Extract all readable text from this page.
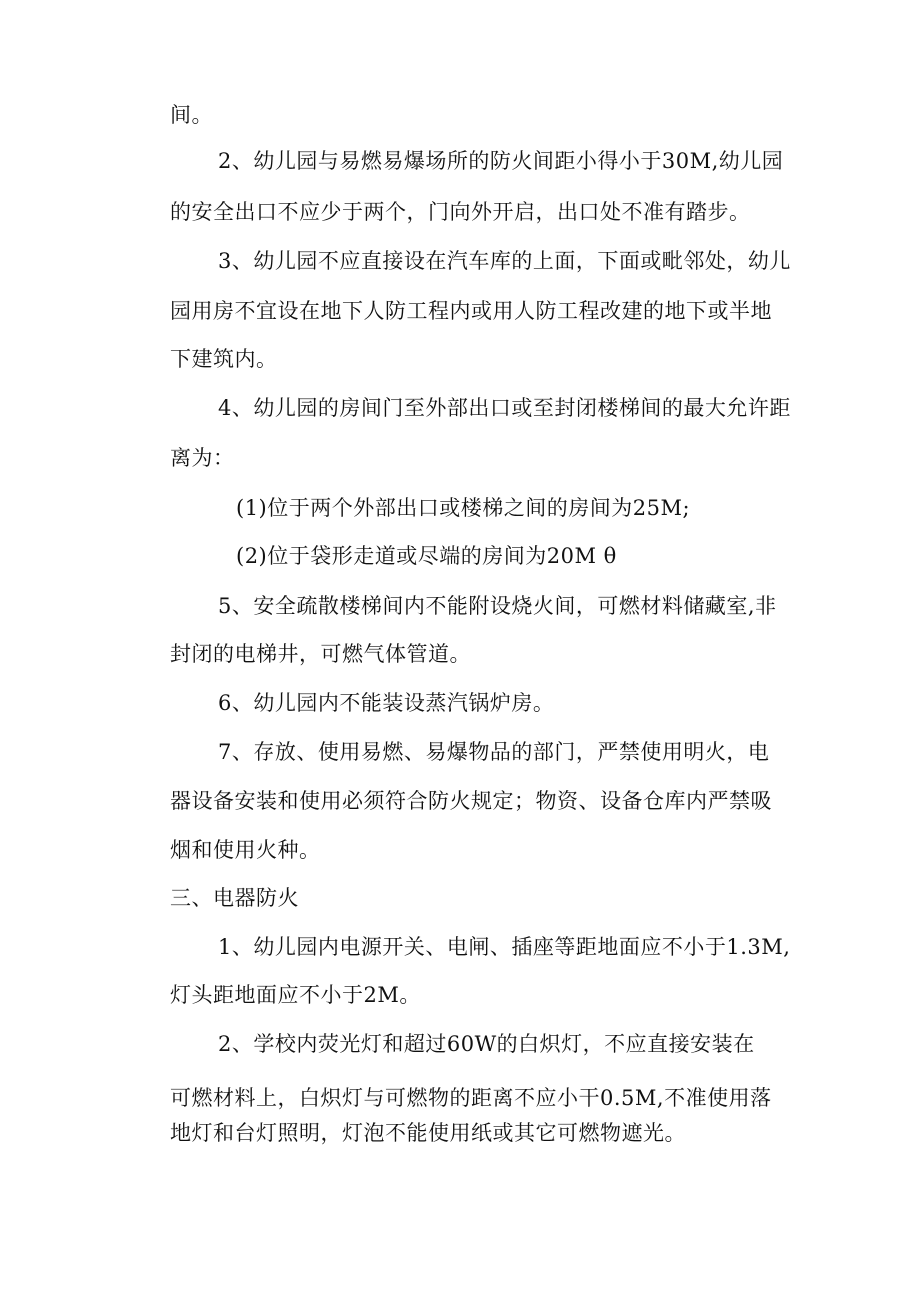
间。
2、幼儿园与易燃易爆场所的防火间距小得小于30M,幼儿园
的安全出口不应少于两个，门向外开启，出口处不准有踏步。
3、幼儿园不应直接设在汽车库的上面，下面或毗邻处，幼儿
园用房不宜设在地下人防工程内或用人防工程改建的地下或半地
下建筑内。
4、幼儿园的房间门至外部出口或至封闭楼梯间的最大允许距
离为：
(1)位于两个外部出口或楼梯之间的房间为25M;
(2)位于袋形走道或尽端的房间为20M θ
5、安全疏散楼梯间内不能附设烧火间，可燃材料储藏室,非
封闭的电梯井，可燃气体管道。
6、幼儿园内不能装设蒸汽锅炉房。
7、存放、使用易燃、易爆物品的部门，严禁使用明火，电
器设备安装和使用必须符合防火规定；物资、设备仓库内严禁吸
烟和使用火种。
三、电器防火
1、幼儿园内电源开关、电闸、插座等距地面应不小于1.3M,
灯头距地面应不小于2M。
2、学校内荧光灯和超过60W的白炽灯，不应直接安装在
可燃材料上，白炽灯与可燃物的距离不应小干0.5M,不准使用落
地灯和台灯照明，灯泡不能使用纸或其它可燃物遮光。
